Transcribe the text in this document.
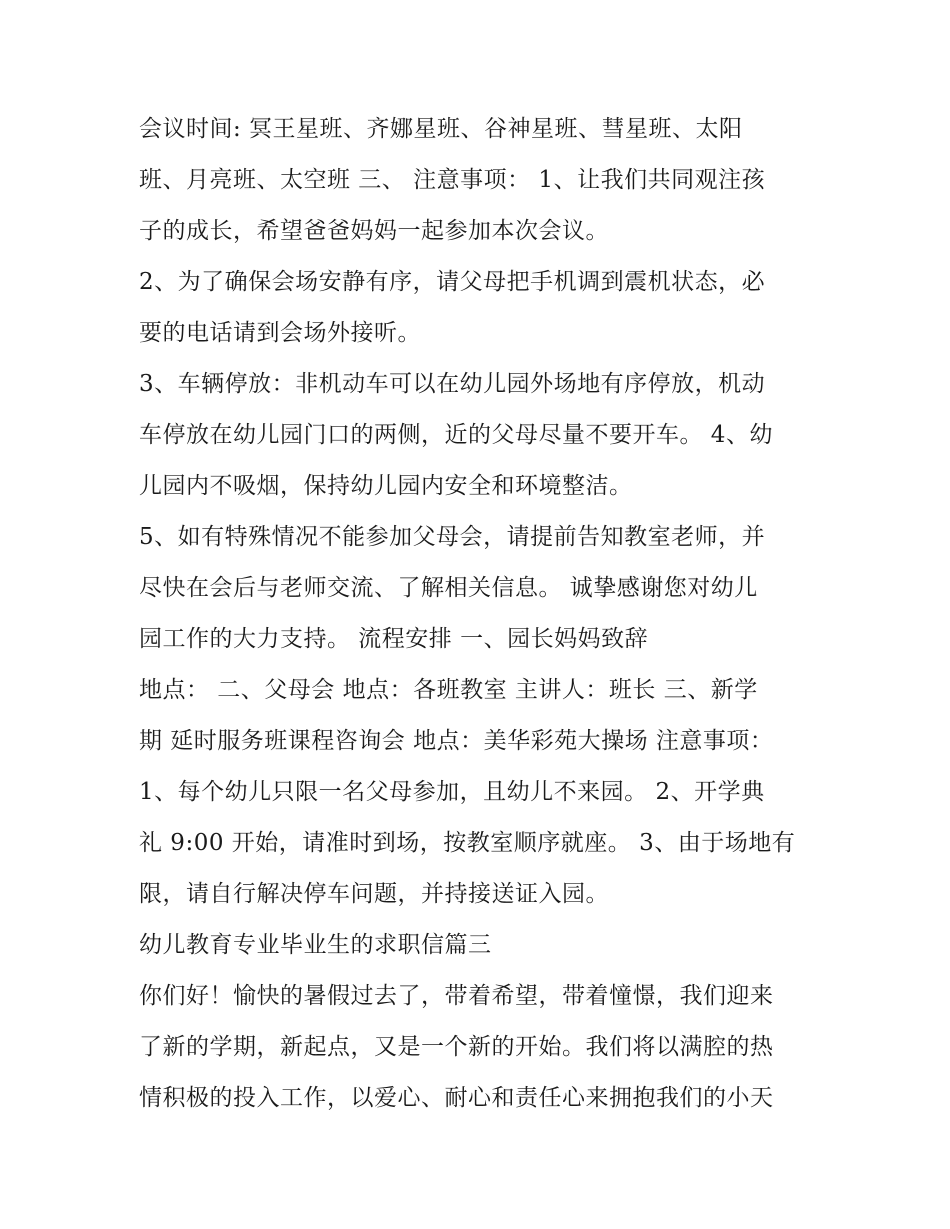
会议时间: 冥王星班、齐娜星班、谷神星班、彗星班、太阳
班、月亮班、太空班 三、 注意事项： 1、让我们共同观注孩
子的成长，希望爸爸妈妈一起参加本次会议。
2、为了确保会场安静有序，请父母把手机调到震机状态，必
要的电话请到会场外接听。
3、车辆停放：非机动车可以在幼儿园外场地有序停放，机动
车停放在幼儿园门口的两侧，近的父母尽量不要开车。 4、幼
儿园内不吸烟，保持幼儿园内安全和环境整洁。
5、如有特殊情况不能参加父母会，请提前告知教室老师，并
尽快在会后与老师交流、了解相关信息。 诚挚感谢您对幼儿
园工作的大力支持。 流程安排 一、园长妈妈致辞
地点： 二、父母会 地点：各班教室 主讲人：班长 三、新学
期 延时服务班课程咨询会 地点：美华彩苑大操场 注意事项：
1、每个幼儿只限一名父母参加，且幼儿不来园。 2、开学典
礼 9:00 开始，请准时到场，按教室顺序就座。 3、由于场地有
限，请自行解决停车问题，并持接送证入园。
幼儿教育专业毕业生的求职信篇三
你们好！愉快的暑假过去了，带着希望，带着憧憬，我们迎来
了新的学期，新起点，又是一个新的开始。我们将以满腔的热
情积极的投入工作，以爱心、耐心和责任心来拥抱我们的小天
